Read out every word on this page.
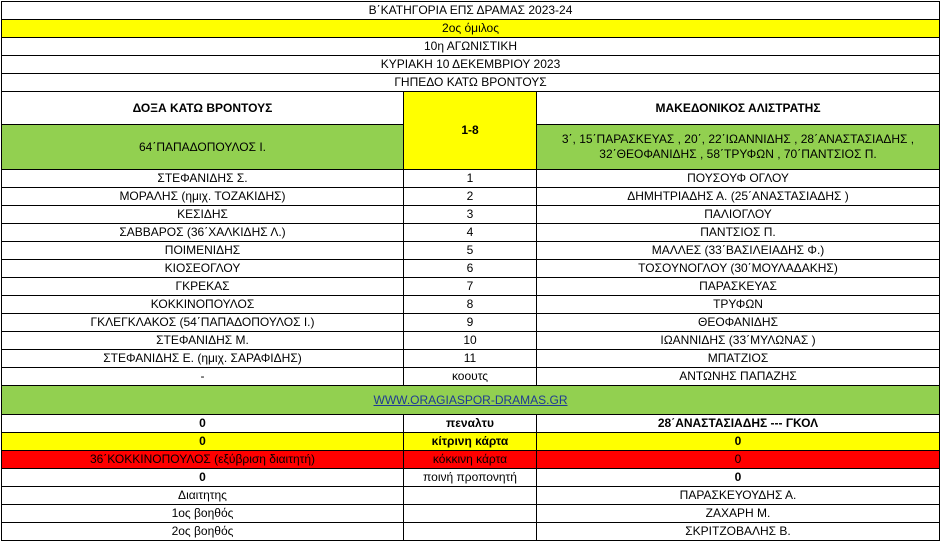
Β΄ΚΑΤΗΓΟΡΙΑ ΕΠΣ ΔΡΑΜΑΣ 2023-24		
2ος όμιλος		
10η ΑΓΩΝΙΣΤΙΚΗ		
ΚΥΡΙΑΚΗ 10 ΔΕΚΕΜΒΡΙΟΥ 2023		
ΓΗΠΕΔΟ ΚΑΤΩ ΒΡΟΝΤΟΥΣ		
ΔΟΞΑ ΚΑΤΩ ΒΡΟΝΤΟΥΣ	1-8	ΜΑΚΕΔΟΝΙΚΟΣ ΑΛΙΣΤΡΑΤΗΣ
64΄ΠΑΠΑΔΟΠΟΥΛΟΣ Ι.		3΄, 15΄ΠΑΡΑΣΚΕΥΑΣ , 20΄, 22΄ΙΩΑΝΝΙΔΗΣ , 28΄ΑΝΑΣΤΑΣΙΑΔΗΣ , 32΄ΘΕΟΦΑΝΙΔΗΣ , 58΄ΤΡΥΦΩΝ , 70΄ΠΑΝΤΣΙΟΣ Π.
ΣΤΕΦΑΝΙΔΗΣ Σ.	1	ΠΟΥΣΟΥΦ ΟΓΛΟΥ
ΜΟΡΑΛΗΣ (ημιχ. ΤΟΖΑΚΙΔΗΣ)	2	ΔΗΜΗΤΡΙΑΔΗΣ Α. (25΄ΑΝΑΣΤΑΣΙΑΔΗΣ )
ΚΕΣΙΔΗΣ	3	ΠΑΛΙΟΓΛΟΥ
ΣΑΒΒΑΡΟΣ (36΄ΧΑΛΚΙΔΗΣ Λ.)	4	ΠΑΝΤΣΙΟΣ Π.
ΠΟΙΜΕΝΙΔΗΣ	5	ΜΑΛΛΕΣ (33΄ΒΑΣΙΛΕΙΑΔΗΣ Φ.)
ΚΙΟΣΕΟΓΛΟΥ	6	ΤΟΣΟΥΝΟΓΛΟΥ (30΄ΜΟΥΛΑΔΑΚΗΣ)
ΓΚΡΕΚΑΣ	7	ΠΑΡΑΣΚΕΥΑΣ
ΚΟΚΚΙΝΟΠΟΥΛΟΣ	8	ΤΡΥΦΩΝ
ΓΚΛΕΓΚΛΑΚΟΣ (54΄ΠΑΠΑΔΟΠΟΥΛΟΣ Ι.)	9	ΘΕΟΦΑΝΙΔΗΣ
ΣΤΕΦΑΝΙΔΗΣ Μ.	10	ΙΩΑΝΝΙΔΗΣ (33΄ΜΥΛΩΝΑΣ )
ΣΤΕΦΑΝΙΔΗΣ Ε. (ημιχ. ΣΑΡΑΦΙΔΗΣ)	11	ΜΠΑΤΖΙΟΣ
-	κοουτς	ΑΝΤΩΝΗΣ ΠΑΠΑΖΗΣ
WWW.ORAGIASPOR-DRAMAS.GR		
0	πεναλτυ	28΄ΑΝΑΣΤΑΣΙΑΔΗΣ --- ΓΚΟΛ
0	κίτρινη κάρτα	0
36΄ΚΟΚΚΙΝΟΠΟΥΛΟΣ (εξύβριση διαιτητή)	κόκκινη κάρτα	0
0	ποινή προπονητή	0
Διαιτητης		ΠΑΡΑΣΚΕΥΟΥΔΗΣ Α.
1ος βοηθός		ΖΑΧΑΡΗ Μ.
2ος βοηθός		ΣΚΡΙΤΖΟΒΑΛΗΣ Β.
